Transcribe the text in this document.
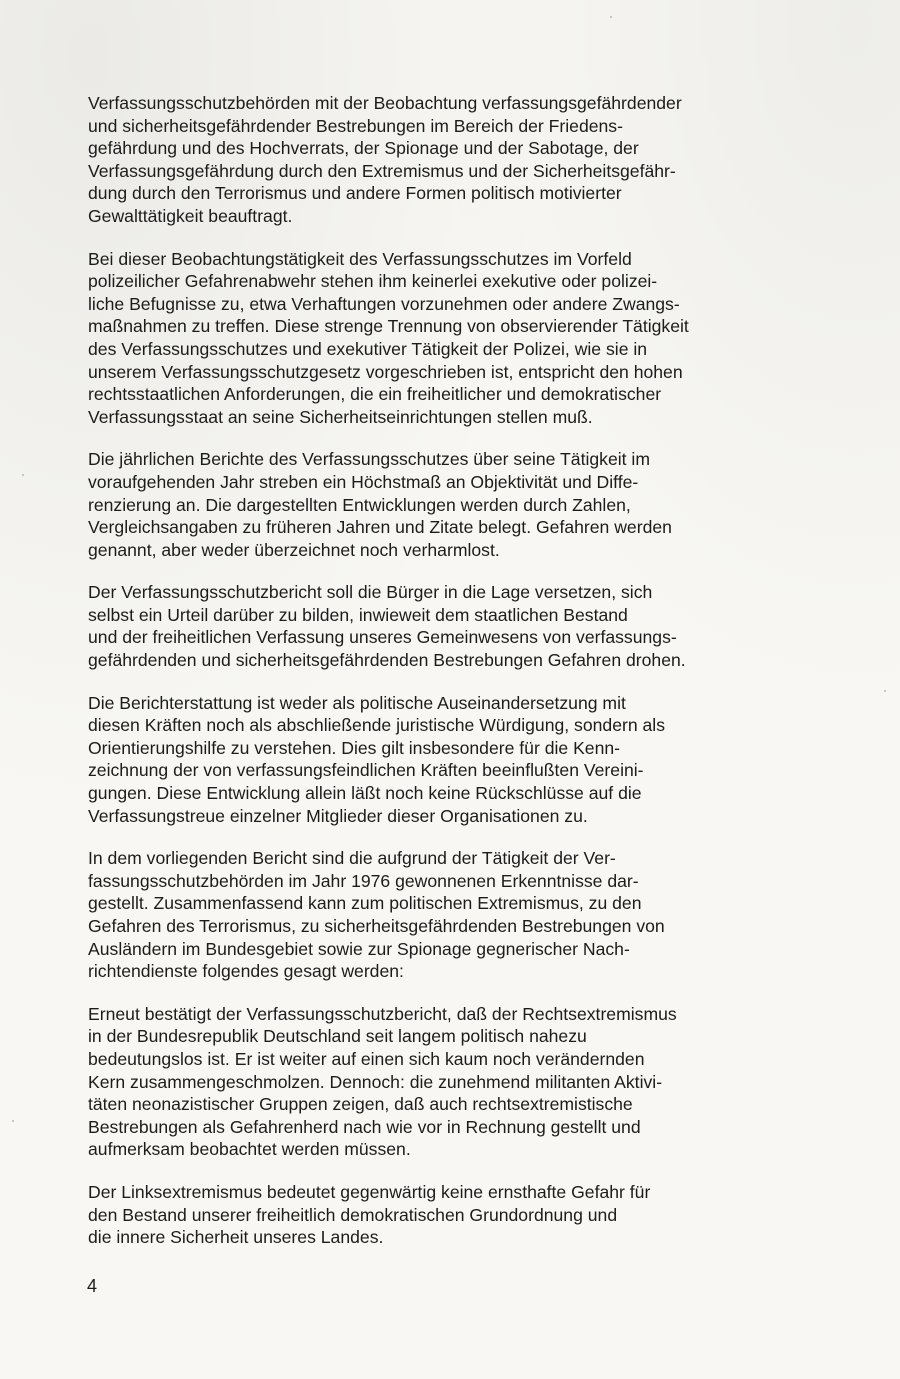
Verfassungsschutzbehörden mit der Beobachtung verfassungsgefährdender
und sicherheitsgefährdender Bestrebungen im Bereich der Friedens-
gefährdung und des Hochverrats, der Spionage und der Sabotage, der
Verfassungsgefährdung durch den Extremismus und der Sicherheitsgefähr-
dung durch den Terrorismus und andere Formen politisch motivierter
Gewalttätigkeit beauftragt.

Bei dieser Beobachtungstätigkeit des Verfassungsschutzes im Vorfeld
polizeilicher Gefahrenabwehr stehen ihm keinerlei exekutive oder polizei-
liche Befugnisse zu, etwa Verhaftungen vorzunehmen oder andere Zwangs-
maßnahmen zu treffen. Diese strenge Trennung von observierender Tätigkeit
des Verfassungsschutzes und exekutiver Tätigkeit der Polizei, wie sie in
unserem Verfassungsschutzgesetz vorgeschrieben ist, entspricht den hohen
rechtsstaatlichen Anforderungen, die ein freiheitlicher und demokratischer
Verfassungsstaat an seine Sicherheitseinrichtungen stellen muß.

Die jährlichen Berichte des Verfassungsschutzes über seine Tätigkeit im
voraufgehenden Jahr streben ein Höchstmaß an Objektivität und Diffe-
renzierung an. Die dargestellten Entwicklungen werden durch Zahlen,
Vergleichsangaben zu früheren Jahren und Zitate belegt. Gefahren werden
genannt, aber weder überzeichnet noch verharmlost.

Der Verfassungsschutzbericht soll die Bürger in die Lage versetzen, sich
selbst ein Urteil darüber zu bilden, inwieweit dem staatlichen Bestand
und der freiheitlichen Verfassung unseres Gemeinwesens von verfassungs-
gefährdenden und sicherheitsgefährdenden Bestrebungen Gefahren drohen.

Die Berichterstattung ist weder als politische Auseinandersetzung mit
diesen Kräften noch als abschließende juristische Würdigung, sondern als
Orientierungshilfe zu verstehen. Dies gilt insbesondere für die Kenn-
zeichnung der von verfassungsfeindlichen Kräften beeinflußten Vereini-
gungen. Diese Entwicklung allein läßt noch keine Rückschlüsse auf die
Verfassungstreue einzelner Mitglieder dieser Organisationen zu.

In dem vorliegenden Bericht sind die aufgrund der Tätigkeit der Ver-
fassungsschutzbehörden im Jahr 1976 gewonnenen Erkenntnisse dar-
gestellt. Zusammenfassend kann zum politischen Extremismus, zu den
Gefahren des Terrorismus, zu sicherheitsgefährdenden Bestrebungen von
Ausländern im Bundesgebiet sowie zur Spionage gegnerischer Nach-
richtendienste folgendes gesagt werden:

Erneut bestätigt der Verfassungsschutzbericht, daß der Rechtsextremismus
in der Bundesrepublik Deutschland seit langem politisch nahezu
bedeutungslos ist. Er ist weiter auf einen sich kaum noch verändernden
Kern zusammengeschmolzen. Dennoch: die zunehmend militanten Aktivi-
täten neonazistischer Gruppen zeigen, daß auch rechtsextremistische
Bestrebungen als Gefahrenherd nach wie vor in Rechnung gestellt und
aufmerksam beobachtet werden müssen.

Der Linksextremismus bedeutet gegenwärtig keine ernsthafte Gefahr für
den Bestand unserer freiheitlich demokratischen Grundordnung und
die innere Sicherheit unseres Landes.

4
